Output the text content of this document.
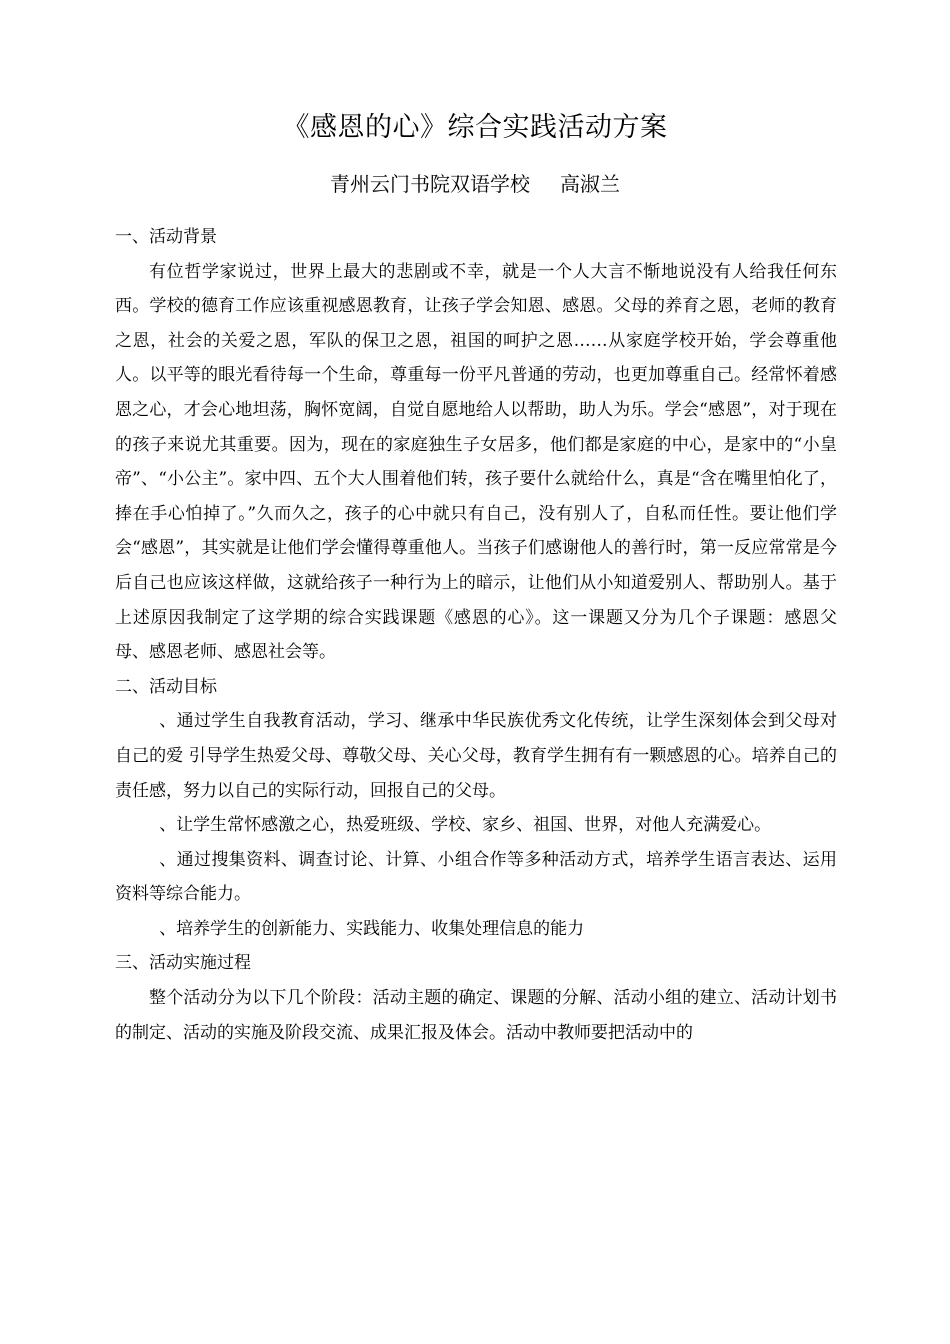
《感恩的心》综合实践活动方案
青州云门书院双语学校 高淑兰

一、活动背景

有位哲学家说过，世界上最大的悲剧或不幸，就是一个人大言不惭地说没有人给我任何东西。学校的德育工作应该重视感恩教育，让孩子学会知恩、感恩。父母的养育之恩，老师的教育之恩，社会的关爱之恩，军队的保卫之恩，祖国的呵护之恩……从家庭学校开始，学会尊重他人。以平等的眼光看待每一个生命，尊重每一份平凡普通的劳动，也更加尊重自己。经常怀着感恩之心，才会心地坦荡，胸怀宽阔，自觉自愿地给人以帮助，助人为乐。学会“感恩”，对于现在的孩子来说尤其重要。因为，现在的家庭独生子女居多，他们都是家庭的中心，是家中的“小皇帝”、“小公主”。家中四、五个大人围着他们转，孩子要什么就给什么，真是“含在嘴里怕化了，捧在手心怕掉了。”久而久之，孩子的心中就只有自己，没有别人了，自私而任性。要让他们学会“感恩”，其实就是让他们学会懂得尊重他人。当孩子们感谢他人的善行时，第一反应常常是今后自己也应该这样做，这就给孩子一种行为上的暗示，让他们从小知道爱别人、帮助别人。基于上述原因我制定了这学期的综合实践课题《感恩的心》。这一课题又分为几个子课题：感恩父母、感恩老师、感恩社会等。

二、活动目标

、通过学生自我教育活动，学习、继承中华民族优秀文化传统，让学生深刻体会到父母对自己的爱 引导学生热爱父母、尊敬父母、关心父母，教育学生拥有有一颗感恩的心。培养自己的责任感，努力以自己的实际行动，回报自己的父母。

、让学生常怀感激之心，热爱班级、学校、家乡、祖国、世界，对他人充满爱心。

、通过搜集资料、调查讨论、计算、小组合作等多种活动方式，培养学生语言表达、运用资料等综合能力。

、培养学生的创新能力、实践能力、收集处理信息的能力

三、活动实施过程

整个活动分为以下几个阶段：活动主题的确定、课题的分解、活动小组的建立、活动计划书的制定、活动的实施及阶段交流、成果汇报及体会。活动中教师要把活动中的
